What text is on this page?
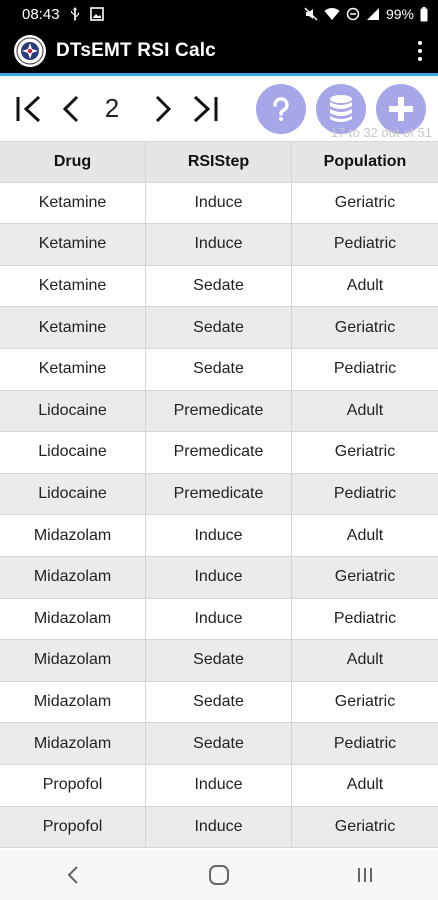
08:43	99%
DTsEMT RSI Calc
2
17 to 32 out of 51
Drug	RSIStep	Population
Ketamine	Induce	Geriatric
Ketamine	Induce	Pediatric
Ketamine	Sedate	Adult
Ketamine	Sedate	Geriatric
Ketamine	Sedate	Pediatric
Lidocaine	Premedicate	Adult
Lidocaine	Premedicate	Geriatric
Lidocaine	Premedicate	Pediatric
Midazolam	Induce	Adult
Midazolam	Induce	Geriatric
Midazolam	Induce	Pediatric
Midazolam	Sedate	Adult
Midazolam	Sedate	Geriatric
Midazolam	Sedate	Pediatric
Propofol	Induce	Adult
Propofol	Induce	Geriatric
